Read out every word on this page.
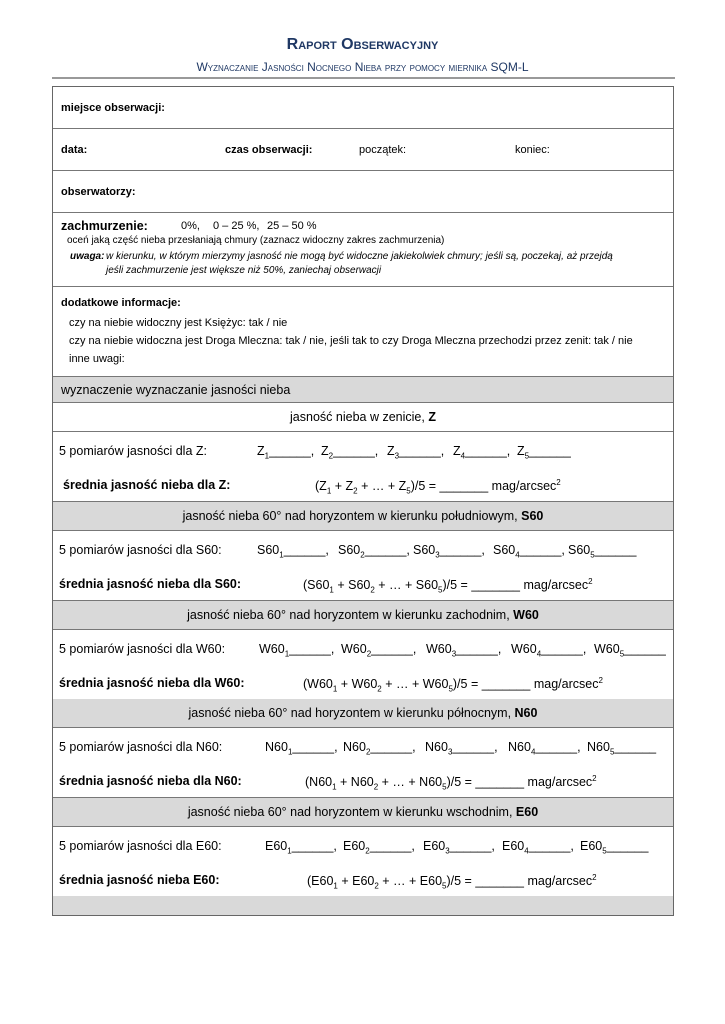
Raport Obserwacyjny
Wyznaczanie Jasności Nocnego Nieba przy pomocy miernika SQM-L
miejsce obserwacji:
data:	czas obserwacji:	początek:	koniec:
obserwatorzy:
zachmurzenie:	0%, 0 – 25 %, 25 – 50 %
oceń jaką część nieba przesłaniają chmury (zaznacz widoczny zakres zachmurzenia)
uwaga: w kierunku, w którym mierzymy jasność nie mogą być widoczne jakiekolwiek chmury; jeśli są, poczekaj, aż przejdą
jeśli zachmurzenie jest większe niż 50%, zaniechaj obserwacji
dodatkowe informacje:
czy na niebie widoczny jest Księżyc: tak / nie
czy na niebie widoczna jest Droga Mleczna: tak / nie, jeśli tak to czy Droga Mleczna przechodzi przez zenit: tak / nie
inne uwagi:
wyznaczenie wyznaczanie jasności nieba
jasność nieba w zenicie, Z
5 pomiarów jasności dla Z:	$Z_1\_\_\_\_\_\_$, $Z_2\_\_\_\_\_\_$, $Z_3\_\_\_\_\_\_$, $Z_4\_\_\_\_\_\_$, $Z_5\_\_\_\_\_\_$
średnia jasność nieba dla Z:	($Z_1 + Z_2$ + … + $Z_5)/5$ = _______ mag/arcsec$^2$
jasność nieba 60° nad horyzontem w kierunku południowym, S60
5 pomiarów jasności dla S60:	$S60_1\_\_\_\_\_\_$, $S60_2\_\_\_\_\_\_$, $S60_3\_\_\_\_\_\_$, $S60_4\_\_\_\_\_\_$, $S60_5\_\_\_\_\_\_$
średnia jasność nieba dla S60:	($S60_1 + S60_2$ + … + $S60_5)/5$ = _______ mag/arcsec$^2$
jasność nieba 60° nad horyzontem w kierunku zachodnim, W60
5 pomiarów jasności dla W60:	$W60_1\_\_\_\_\_\_$, $W60_2\_\_\_\_\_\_$, $W60_3\_\_\_\_\_\_$, $W60_4\_\_\_\_\_\_$, $W60_5\_\_\_\_\_\_$
średnia jasność nieba dla W60:	($W60_1 + W60_2$ + … + $W60_5)/5$ = _______ mag/arcsec$^2$
jasność nieba 60° nad horyzontem w kierunku północnym, N60
5 pomiarów jasności dla N60:	$N60_1\_\_\_\_\_\_$, $N60_2\_\_\_\_\_\_$, $N60_3\_\_\_\_\_\_$, $N60_4\_\_\_\_\_\_$, $N60_5\_\_\_\_\_\_$
średnia jasność nieba dla N60:	($N60_1 + N60_2$ + … + $N60_5)/5$ = _______ mag/arcsec$^2$
jasność nieba 60° nad horyzontem w kierunku wschodnim, E60
5 pomiarów jasności dla E60:	$E60_1\_\_\_\_\_\_$, $E60_2\_\_\_\_\_\_$, $E60_3\_\_\_\_\_\_$, $E60_4\_\_\_\_\_\_$, $E60_5\_\_\_\_\_\_$
średnia jasność nieba E60:	($E60_1 + E60_2$ + … + $E60_5)/5$ = _______ mag/arcsec$^2$
